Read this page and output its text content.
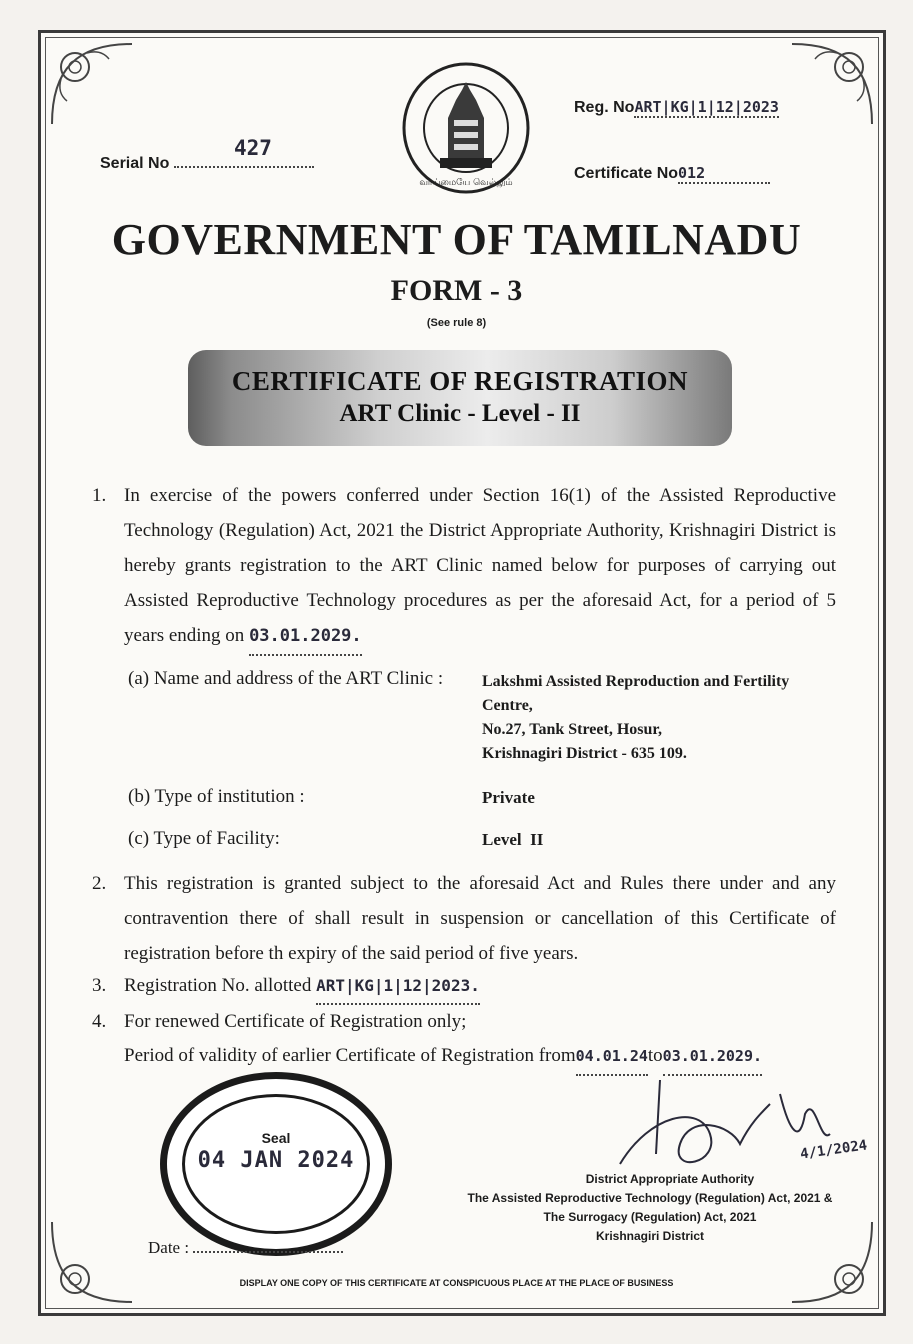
Serial No
427
வாய்மையே வெல்லும்
Reg. NoART|KG|1|12|2023
Certificate No012
GOVERNMENT OF TAMILNADU
FORM - 3
(See rule 8)
CERTIFICATE OF REGISTRATION
ART Clinic - Level - II
1. In exercise of the powers conferred under Section 16(1) of the Assisted Reproductive Technology (Regulation) Act, 2021 the District Appropriate Authority, Krishnagiri District is hereby grants registration to the ART Clinic named below for purposes of carrying out Assisted Reproductive Technology procedures as per the aforesaid Act, for a period of 5 years ending on 03.01.2029.
(a) Name and address of the ART Clinic : Lakshmi Assisted Reproduction and Fertility
Centre,
No.27, Tank Street, Hosur,
Krishnagiri District - 635 109.
(b) Type of institution :	Private
(c) Type of Facility:	Level  II
2. This registration is granted subject to the aforesaid Act and Rules there under and any contravention there of shall result in suspension or cancellation of this Certificate of registration before th expiry of the said period of five years.
3. Registration No. allotted ART|KG|1|12|2023.
4. For renewed Certificate of Registration only;
Period of validity of earlier Certificate of Registration from04.01.24to03.01.2029.
Seal
04 JAN 2024
Date :
4/1/2024
District Appropriate Authority
The Assisted Reproductive Technology (Regulation) Act, 2021 &
The Surrogacy (Regulation) Act, 2021
Krishnagiri District
DISPLAY ONE COPY OF THIS CERTIFICATE AT CONSPICUOUS PLACE AT THE PLACE OF BUSINESS
